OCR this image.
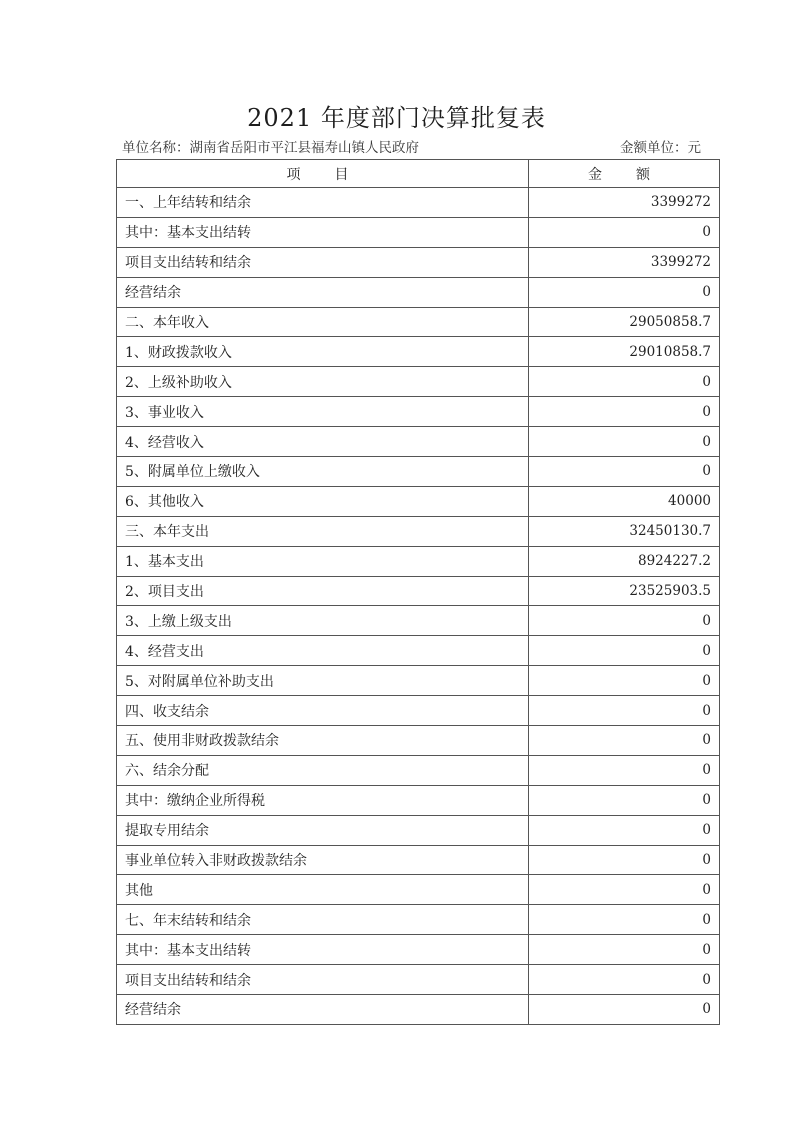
2021 年度部门决算批复表
单位名称：湖南省岳阳市平江县福寿山镇人民政府	金额单位：元
项　目	金　额
一、上年结转和结余	3399272
其中：基本支出结转	0
项目支出结转和结余	3399272
经营结余	0
二、本年收入	29050858.7
1、财政拨款收入	29010858.7
2、上级补助收入	0
3、事业收入	0
4、经营收入	0
5、附属单位上缴收入	0
6、其他收入	40000
三、本年支出	32450130.7
1、基本支出	8924227.2
2、项目支出	23525903.5
3、上缴上级支出	0
4、经营支出	0
5、对附属单位补助支出	0
四、收支结余	0
五、使用非财政拨款结余	0
六、结余分配	0
其中：缴纳企业所得税	0
提取专用结余	0
事业单位转入非财政拨款结余	0
其他	0
七、年末结转和结余	0
其中：基本支出结转	0
项目支出结转和结余	0
经营结余	0
